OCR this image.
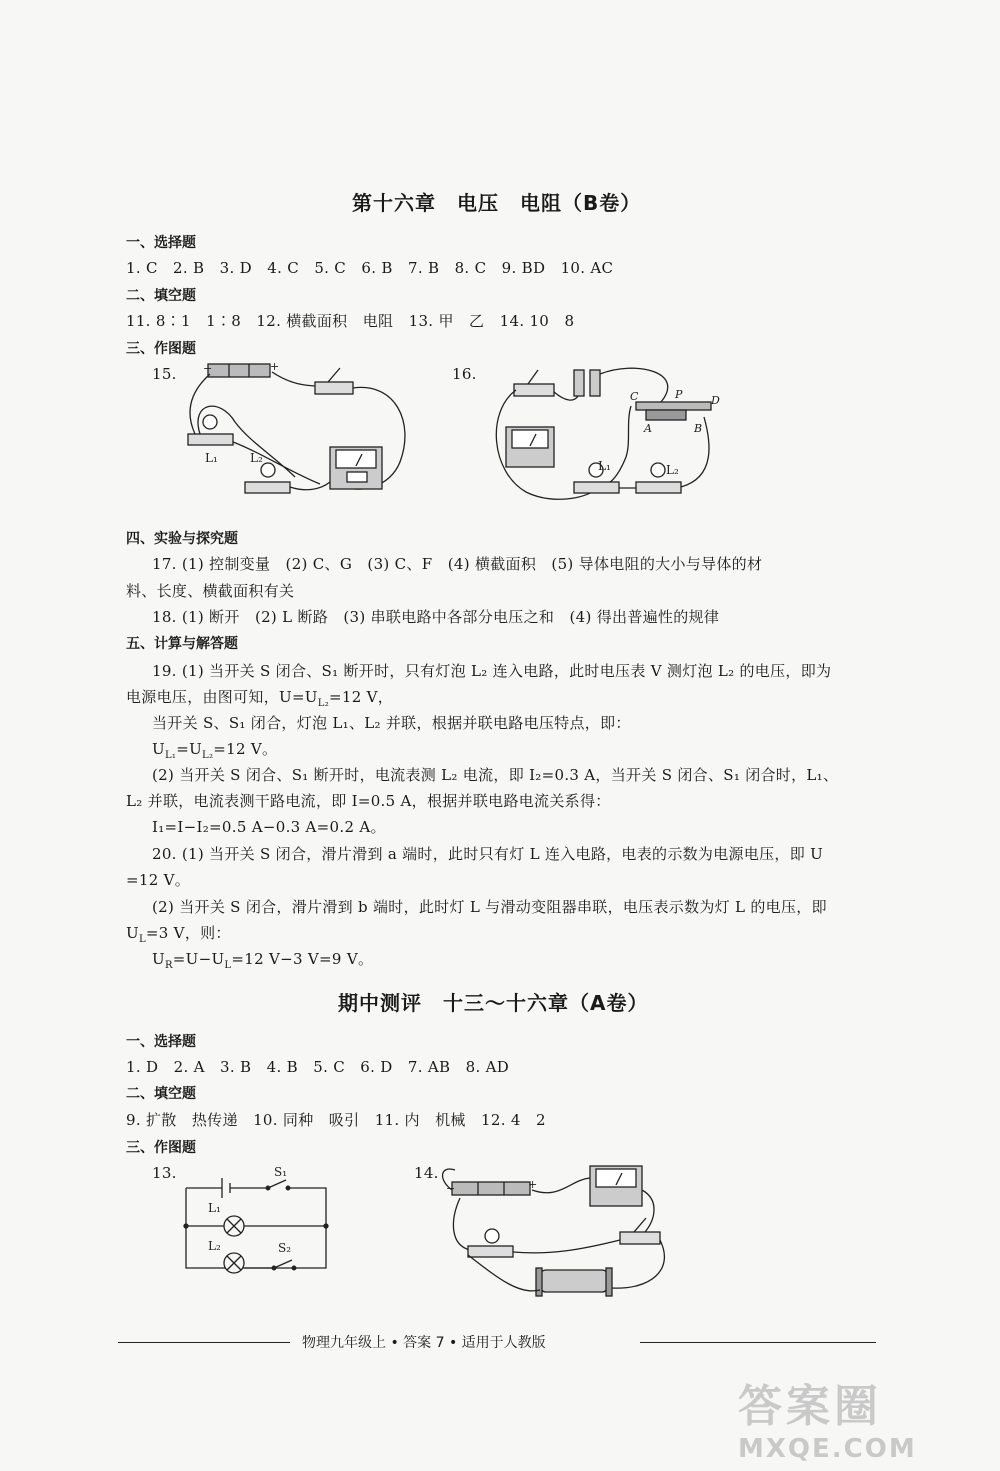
第十六章　电压　电阻（B卷）
一、选择题
1. C　2. B　3. D　4. C　5. C　6. B　7. B　8. C　9. BD　10. AC
二、填空题
11. 8∶1　1∶8　12. 横截面积　电阻　13. 甲　乙　14. 10　8
三、作图题
15.	16.
−	+
L₁	L₂
C	P	D
A	B
L₁	L₂
四、实验与探究题
17. (1) 控制变量　(2) C、G　(3) C、F　(4) 横截面积　(5) 导体电阻的大小与导体的材
料、长度、横截面积有关
18. (1) 断开　(2) L 断路　(3) 串联电路中各部分电压之和　(4) 得出普遍性的规律
五、计算与解答题
19. (1) 当开关 S 闭合、S₁ 断开时，只有灯泡 L₂ 连入电路，此时电压表 V 测灯泡 L₂ 的电压，即为
电源电压，由图可知，$U=U_{L_2}=12$ V，
当开关 S、S₁ 闭合，灯泡 L₁、L₂ 并联，根据并联电路电压特点，即：
$U_{L_1}=U_{L_2}=12$ V。
(2) 当开关 S 闭合、S₁ 断开时，电流表测 L₂ 电流，即 I₂=0.3 A，当开关 S 闭合、S₁ 闭合时，L₁、
L₂ 并联，电流表测干路电流，即 I=0.5 A，根据并联电路电流关系得：
I₁=I−I₂=0.5 A−0.3 A=0.2 A。
20. (1) 当开关 S 闭合，滑片滑到 a 端时，此时只有灯 L 连入电路，电表的示数为电源电压，即 U
=12 V。
(2) 当开关 S 闭合，滑片滑到 b 端时，此时灯 L 与滑动变阻器串联，电压表示数为灯 L 的电压，即
$U_L=3$ V，则：
$U_R=U-U_L=12$ V−3 V=9 V。
期中测评　十三～十六章（A卷）
一、选择题
1. D　2. A　3. B　4. B　5. C　6. D　7. AB　8. AD
二、填空题
9. 扩散　热传递　10. 同种　吸引　11. 内　机械　12. 4　2
三、作图题
13.	14.
S₁
L₁
L₂	S₂
−	+
物理九年级上 • 答案 7 • 适用于人教版
答案圈
MXQE.COM
